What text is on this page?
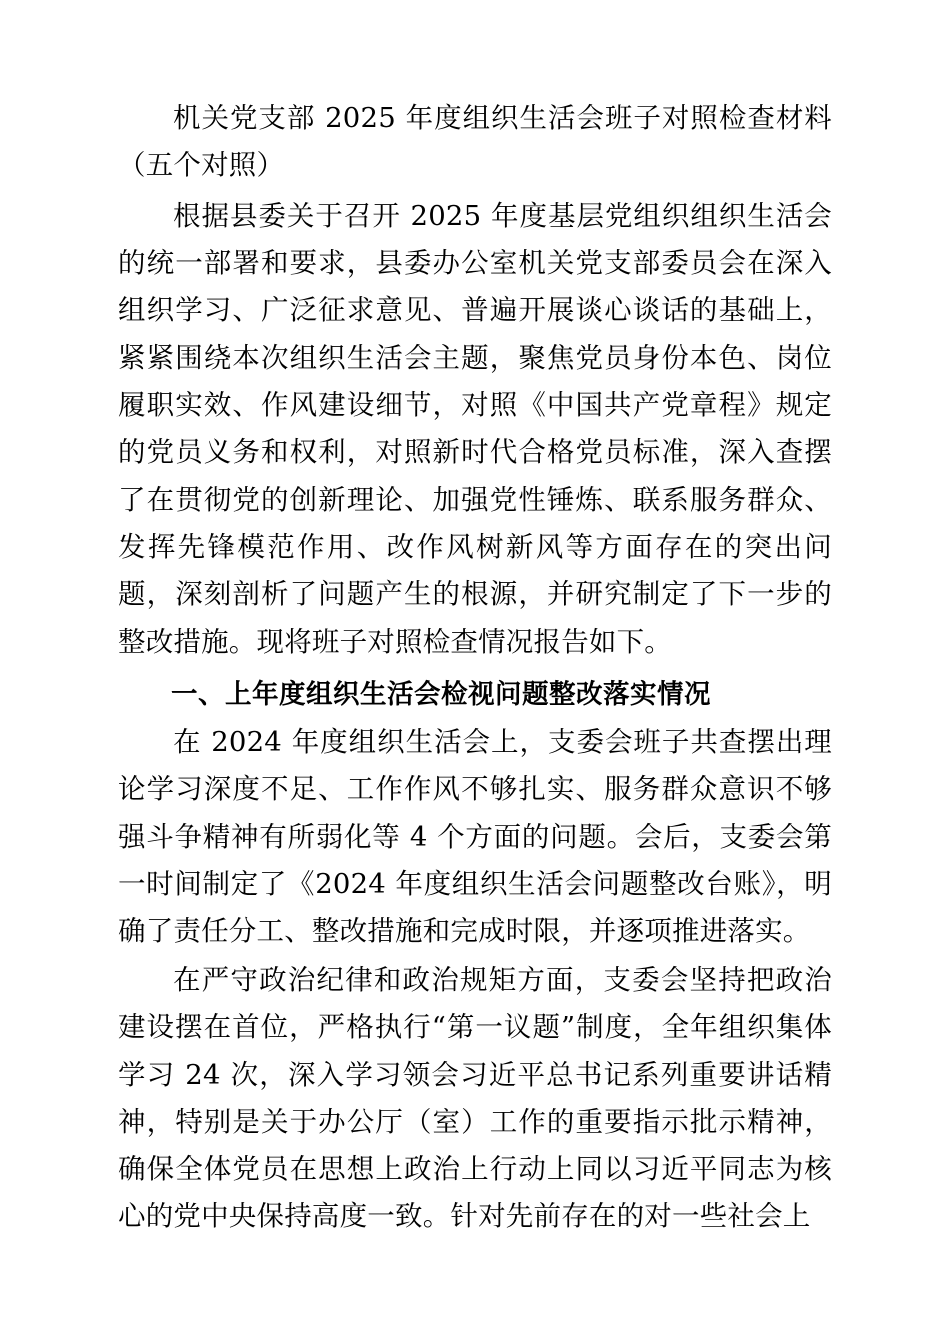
机关党支部 2025 年度组织生活会班子对照检查材料（五个对照）

根据县委关于召开 2025 年度基层党组织组织生活会的统一部署和要求，县委办公室机关党支部委员会在深入组织学习、广泛征求意见、普遍开展谈心谈话的基础上，紧紧围绕本次组织生活会主题，聚焦党员身份本色、岗位履职实效、作风建设细节，对照《中国共产党章程》规定的党员义务和权利，对照新时代合格党员标准，深入查摆了在贯彻党的创新理论、加强党性锤炼、联系服务群众、发挥先锋模范作用、改作风树新风等方面存在的突出问题，深刻剖析了问题产生的根源，并研究制定了下一步的整改措施。现将班子对照检查情况报告如下。

一、上年度组织生活会检视问题整改落实情况

在 2024 年度组织生活会上，支委会班子共查摆出理论学习深度不足、工作作风不够扎实、服务群众意识不够强斗争精神有所弱化等 4 个方面的问题。会后，支委会第一时间制定了《2024 年度组织生活会问题整改台账》，明确了责任分工、整改措施和完成时限，并逐项推进落实。

在严守政治纪律和政治规矩方面，支委会坚持把政治建设摆在首位，严格执行“第一议题”制度，全年组织集体学习 24 次，深入学习领会习近平总书记系列重要讲话精神，特别是关于办公厅（室）工作的重要指示批示精神，确保全体党员在思想上政治上行动上同以习近平同志为核心的党中央保持高度一致。针对先前存在的对一些社会上
